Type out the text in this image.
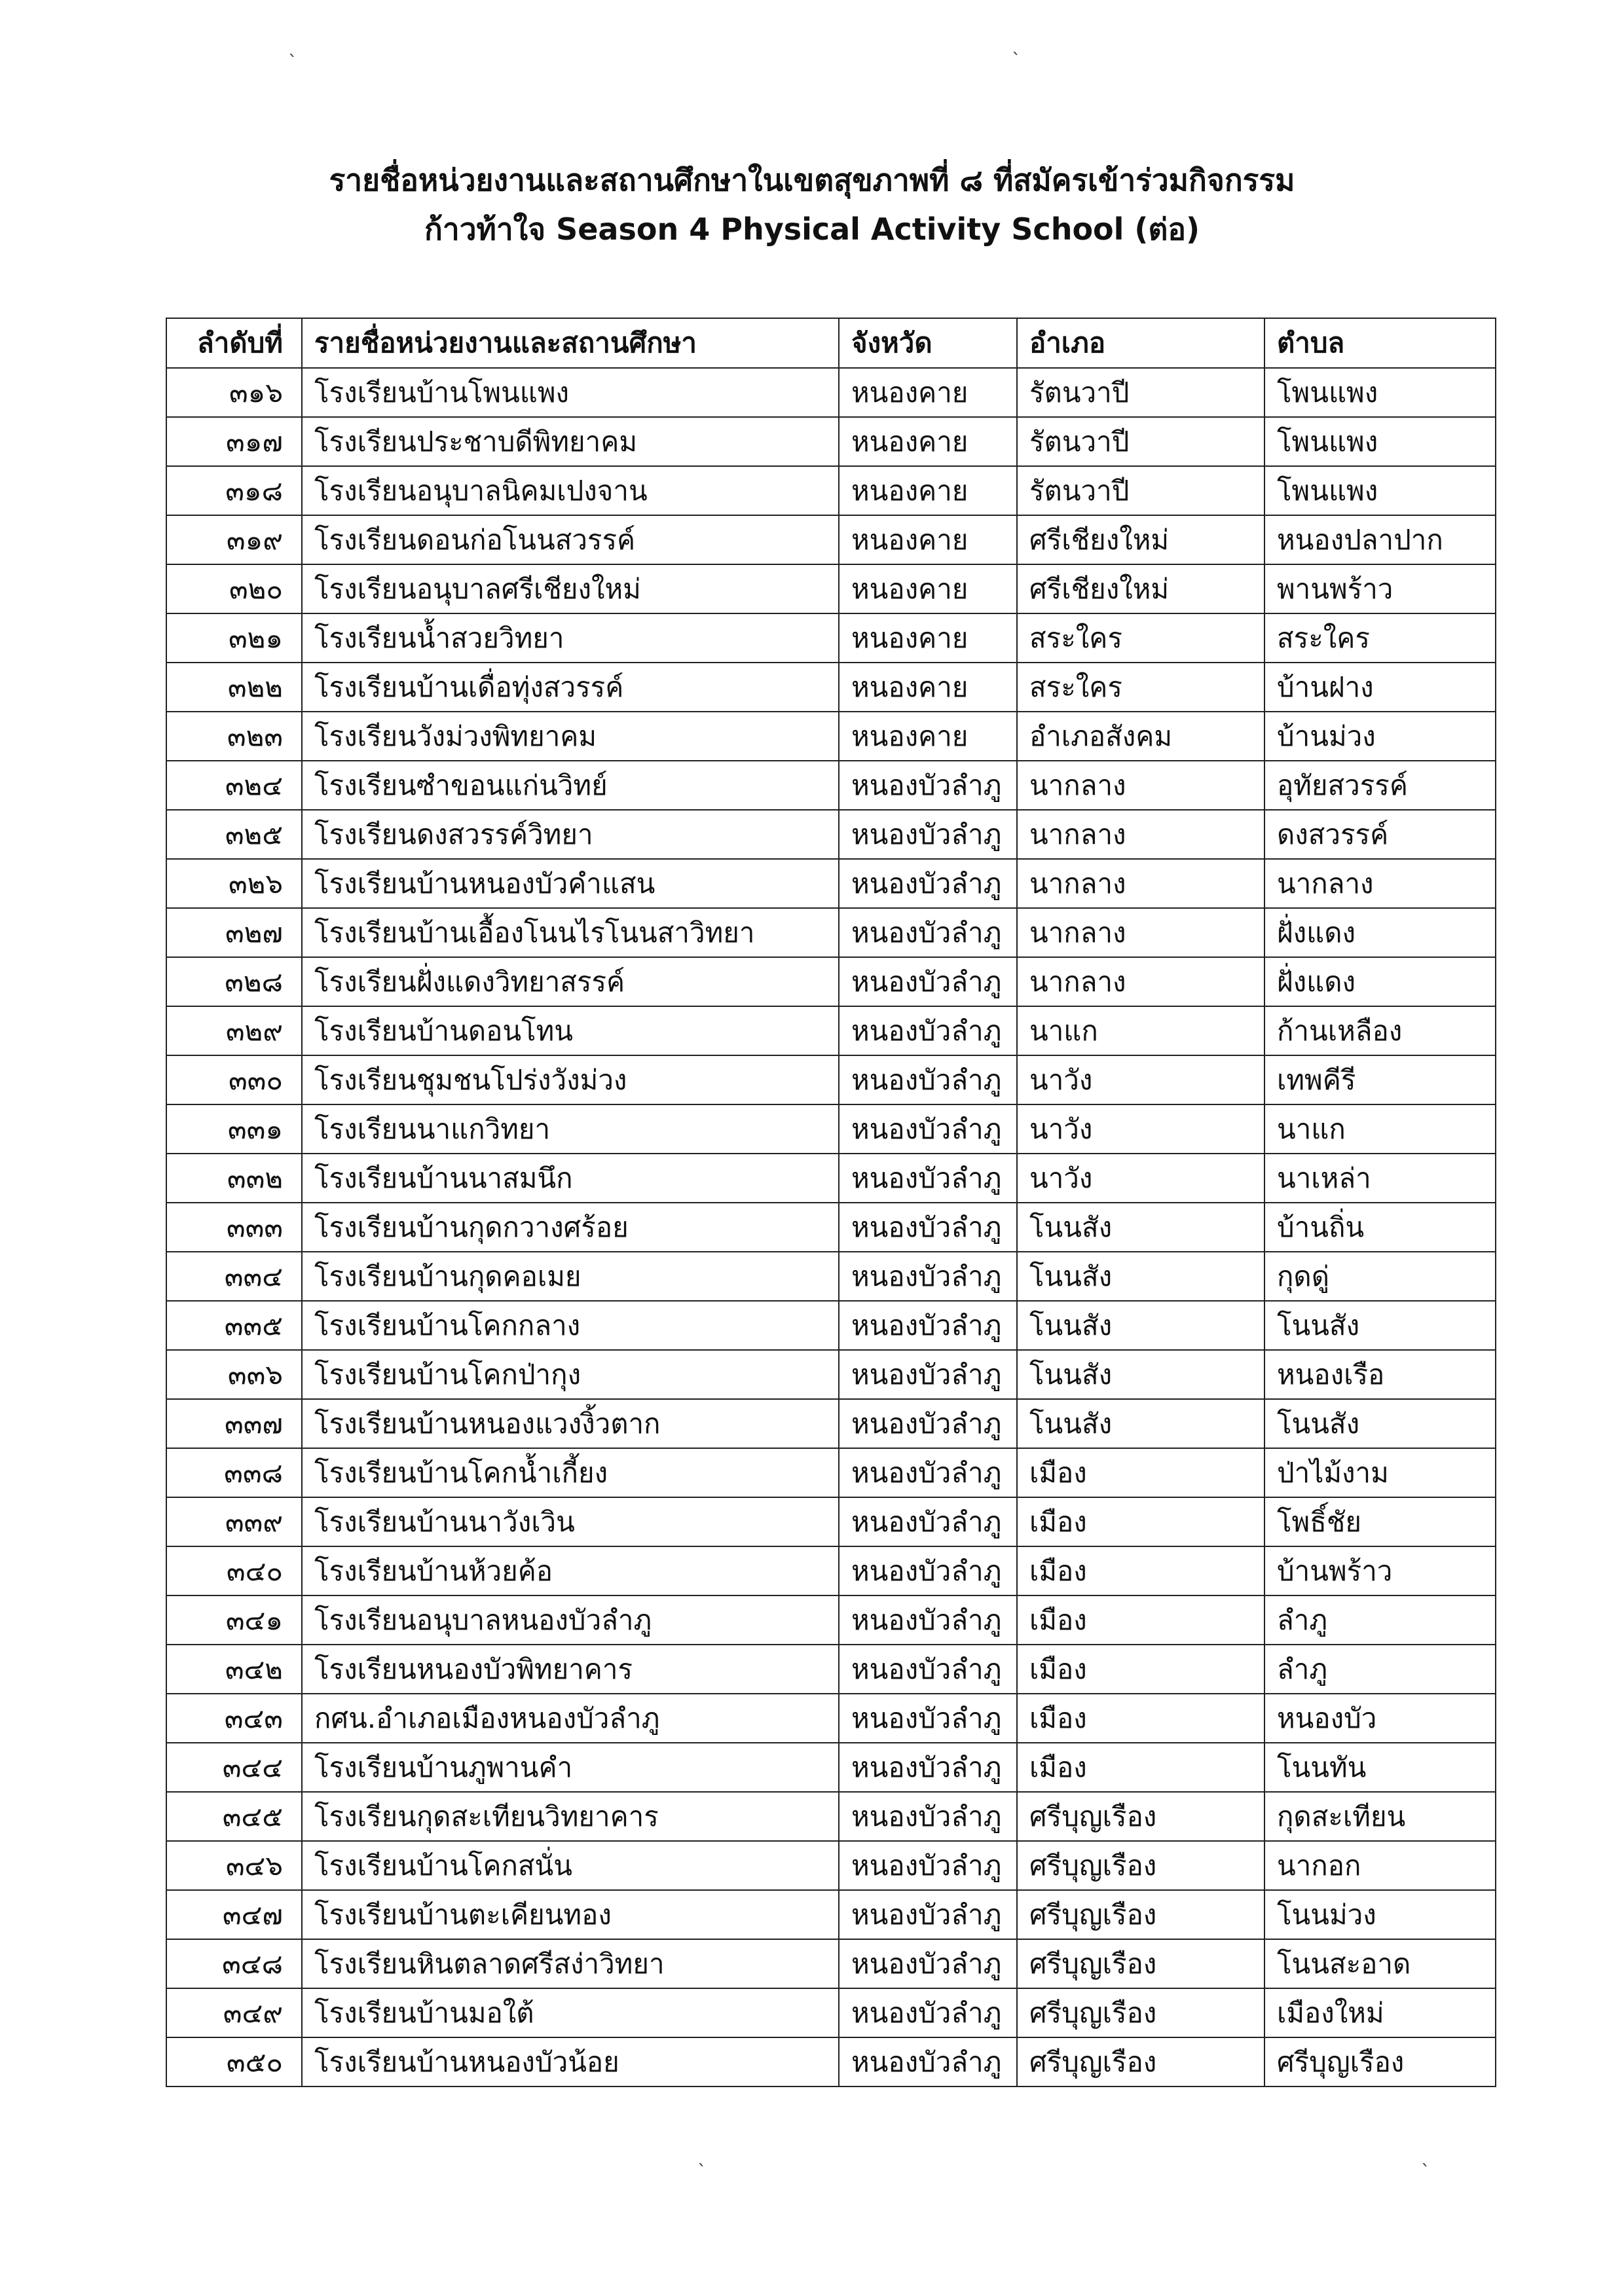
`	`
รายชื่อหน่วยงานและสถานศึกษาในเขตสุขภาพที่ ๘ ที่สมัครเข้าร่วมกิจกรรม
ก้าวท้าใจ Season 4 Physical Activity School (ต่อ)
ลำดับที่	รายชื่อหน่วยงานและสถานศึกษา	จังหวัด	อำเภอ	ตำบล
๓๑๖	โรงเรียนบ้านโพนแพง	หนองคาย	รัตนวาปี	โพนแพง
๓๑๗	โรงเรียนประชาบดีพิทยาคม	หนองคาย	รัตนวาปี	โพนแพง
๓๑๘	โรงเรียนอนุบาลนิคมเปงจาน	หนองคาย	รัตนวาปี	โพนแพง
๓๑๙	โรงเรียนดอนก่อโนนสวรรค์	หนองคาย	ศรีเชียงใหม่	หนองปลาปาก
๓๒๐	โรงเรียนอนุบาลศรีเชียงใหม่	หนองคาย	ศรีเชียงใหม่	พานพร้าว
๓๒๑	โรงเรียนน้ำสวยวิทยา	หนองคาย	สระใคร	สระใคร
๓๒๒	โรงเรียนบ้านเดื่อทุ่งสวรรค์	หนองคาย	สระใคร	บ้านฝาง
๓๒๓	โรงเรียนวังม่วงพิทยาคม	หนองคาย	อำเภอสังคม	บ้านม่วง
๓๒๔	โรงเรียนซำขอนแก่นวิทย์	หนองบัวลำภู	นากลาง	อุทัยสวรรค์
๓๒๕	โรงเรียนดงสวรรค์วิทยา	หนองบัวลำภู	นากลาง	ดงสวรรค์
๓๒๖	โรงเรียนบ้านหนองบัวคำแสน	หนองบัวลำภู	นากลาง	นากลาง
๓๒๗	โรงเรียนบ้านเอื้องโนนไรโนนสาวิทยา	หนองบัวลำภู	นากลาง	ฝั่งแดง
๓๒๘	โรงเรียนฝั่งแดงวิทยาสรรค์	หนองบัวลำภู	นากลาง	ฝั่งแดง
๓๒๙	โรงเรียนบ้านดอนโทน	หนองบัวลำภู	นาแก	ก้านเหลือง
๓๓๐	โรงเรียนชุมชนโปร่งวังม่วง	หนองบัวลำภู	นาวัง	เทพคีรี
๓๓๑	โรงเรียนนาแกวิทยา	หนองบัวลำภู	นาวัง	นาแก
๓๓๒	โรงเรียนบ้านนาสมนึก	หนองบัวลำภู	นาวัง	นาเหล่า
๓๓๓	โรงเรียนบ้านกุดกวางศร้อย	หนองบัวลำภู	โนนสัง	บ้านถิ่น
๓๓๔	โรงเรียนบ้านกุดคอเมย	หนองบัวลำภู	โนนสัง	กุดดู่
๓๓๕	โรงเรียนบ้านโคกกลาง	หนองบัวลำภู	โนนสัง	โนนสัง
๓๓๖	โรงเรียนบ้านโคกป่ากุง	หนองบัวลำภู	โนนสัง	หนองเรือ
๓๓๗	โรงเรียนบ้านหนองแวงงิ้วตาก	หนองบัวลำภู	โนนสัง	โนนสัง
๓๓๘	โรงเรียนบ้านโคกน้ำเกี้ยง	หนองบัวลำภู	เมือง	ป่าไม้งาม
๓๓๙	โรงเรียนบ้านนาวังเวิน	หนองบัวลำภู	เมือง	โพธิ์ชัย
๓๔๐	โรงเรียนบ้านห้วยค้อ	หนองบัวลำภู	เมือง	บ้านพร้าว
๓๔๑	โรงเรียนอนุบาลหนองบัวลำภู	หนองบัวลำภู	เมือง	ลำภู
๓๔๒	โรงเรียนหนองบัวพิทยาคาร	หนองบัวลำภู	เมือง	ลำภู
๓๔๓	กศน.อำเภอเมืองหนองบัวลำภู	หนองบัวลำภู	เมือง	หนองบัว
๓๔๔	โรงเรียนบ้านภูพานคำ	หนองบัวลำภู	เมือง	โนนทัน
๓๔๕	โรงเรียนกุดสะเทียนวิทยาคาร	หนองบัวลำภู	ศรีบุญเรือง	กุดสะเทียน
๓๔๖	โรงเรียนบ้านโคกสนั่น	หนองบัวลำภู	ศรีบุญเรือง	นากอก
๓๔๗	โรงเรียนบ้านตะเคียนทอง	หนองบัวลำภู	ศรีบุญเรือง	โนนม่วง
๓๔๘	โรงเรียนหินตลาดศรีสง่าวิทยา	หนองบัวลำภู	ศรีบุญเรือง	โนนสะอาด
๓๔๙	โรงเรียนบ้านมอใต้	หนองบัวลำภู	ศรีบุญเรือง	เมืองใหม่
๓๕๐	โรงเรียนบ้านหนองบัวน้อย	หนองบัวลำภู	ศรีบุญเรือง	ศรีบุญเรือง
`	`
